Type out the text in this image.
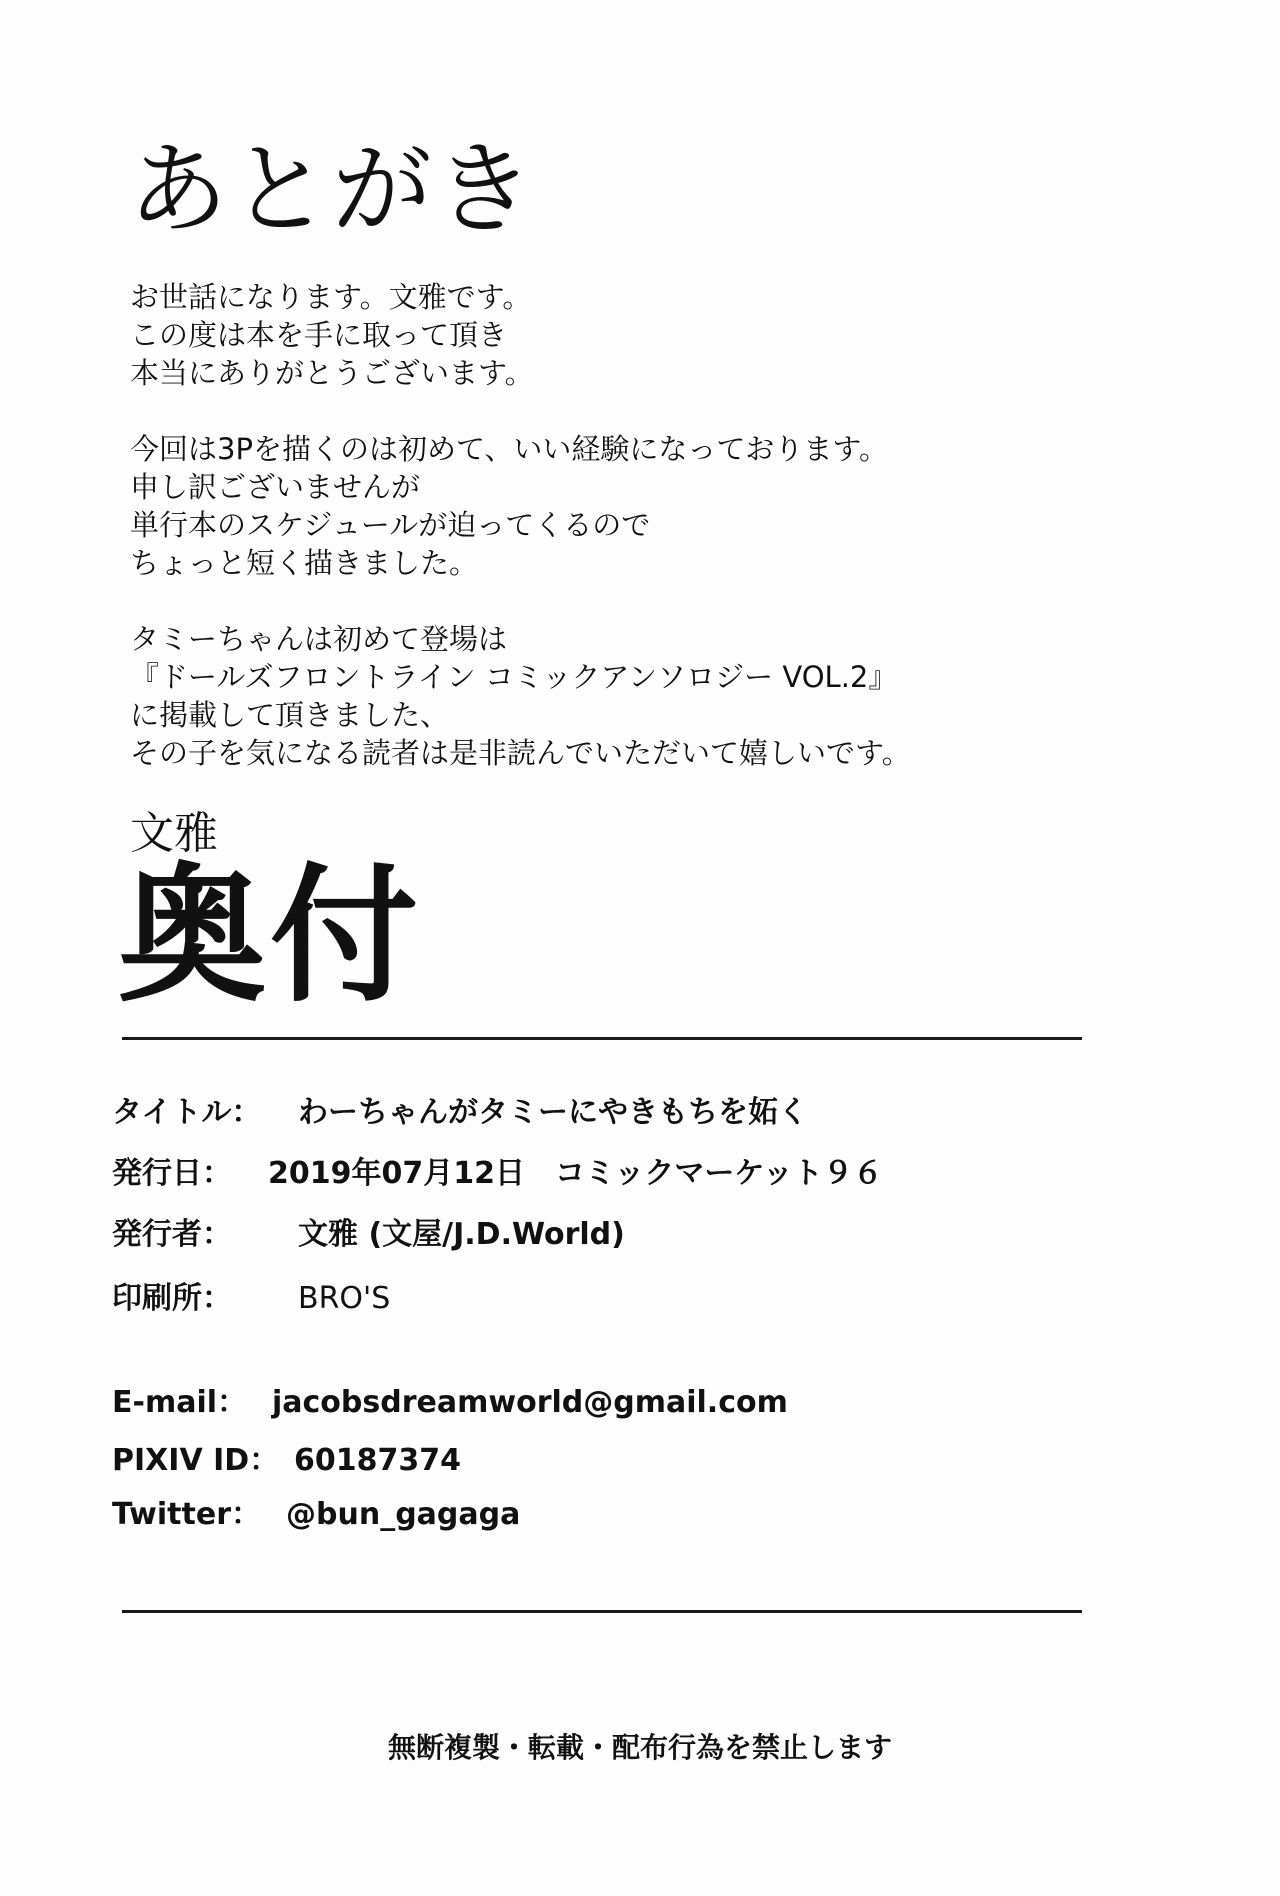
あとがき

お世話になります。文雅です。
この度は本を手に取って頂き
本当にありがとうございます。

今回は3Pを描くのは初めて、いい経験になっております。
申し訳ございませんが
単行本のスケジュールが迫ってくるので
ちょっと短く描きました。

タミーちゃんは初めて登場は
『ドールズフロントライン コミックアンソロジー VOL.2』
に掲載して頂きました、
その子を気になる読者は是非読んでいただいて嬉しいです。

文雅
奥付
タイトル： わーちゃんがタミーにやきもちを妬く
発行日： 2019年07月12日　コミックマーケット９６
発行者： 文雅 (文屋/J.D.World)
印刷所： BRO'S
E-mail： jacobsdreamworld@gmail.com
PIXIV ID： 60187374
Twitter： @bun_gagaga
無断複製・転載・配布行為を禁止します
